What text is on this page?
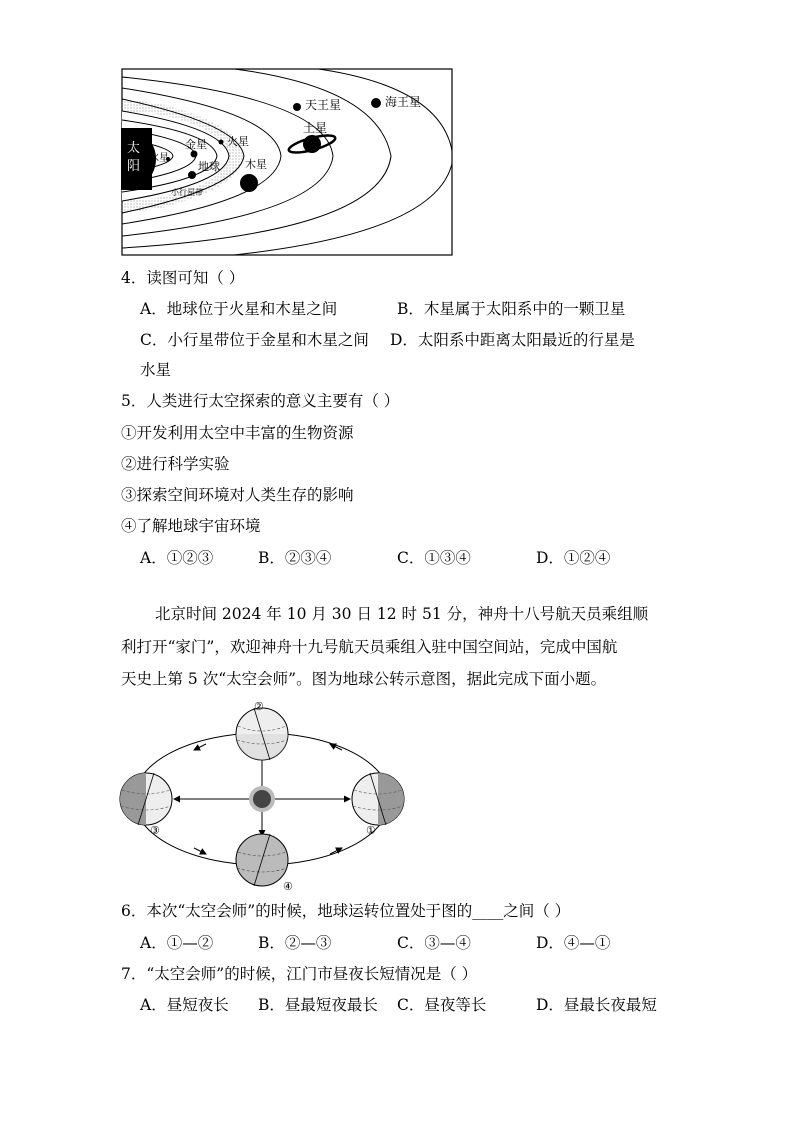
太
阳
水星
金星
地球
火星
木星
小行星带
土星
天王星	海王星
4．读图可知（ ）
A．地球位于火星和木星之间	B．木星属于太阳系中的一颗卫星
C．小行星带位于金星和木星之间 D．太阳系中距离太阳最近的行星是
水星
5．人类进行太空探索的意义主要有（ ）
①开发利用太空中丰富的生物资源
②进行科学实验
③探索空间环境对人类生存的影响
④了解地球宇宙环境
A．①②③	B．②③④	C．①③④	D．①②④
北京时间 2024 年 10 月 30 日 12 时 51 分，神舟十八号航天员乘组顺
利打开“家门”，欢迎神舟十九号航天员乘组入驻中国空间站，完成中国航
天史上第 5 次“太空会师”。图为地球公转示意图，据此完成下面小题。
①
②
③
④
6．本次“太空会师”的时候，地球运转位置处于图的____之间（ ）
A．①—②	B．②—③	C．③—④	D．④—①
7．“太空会师”的时候，江门市昼夜长短情况是（ ）
A．昼短夜长 B．昼最短夜最长 C．昼夜等长	D．昼最长夜最短
